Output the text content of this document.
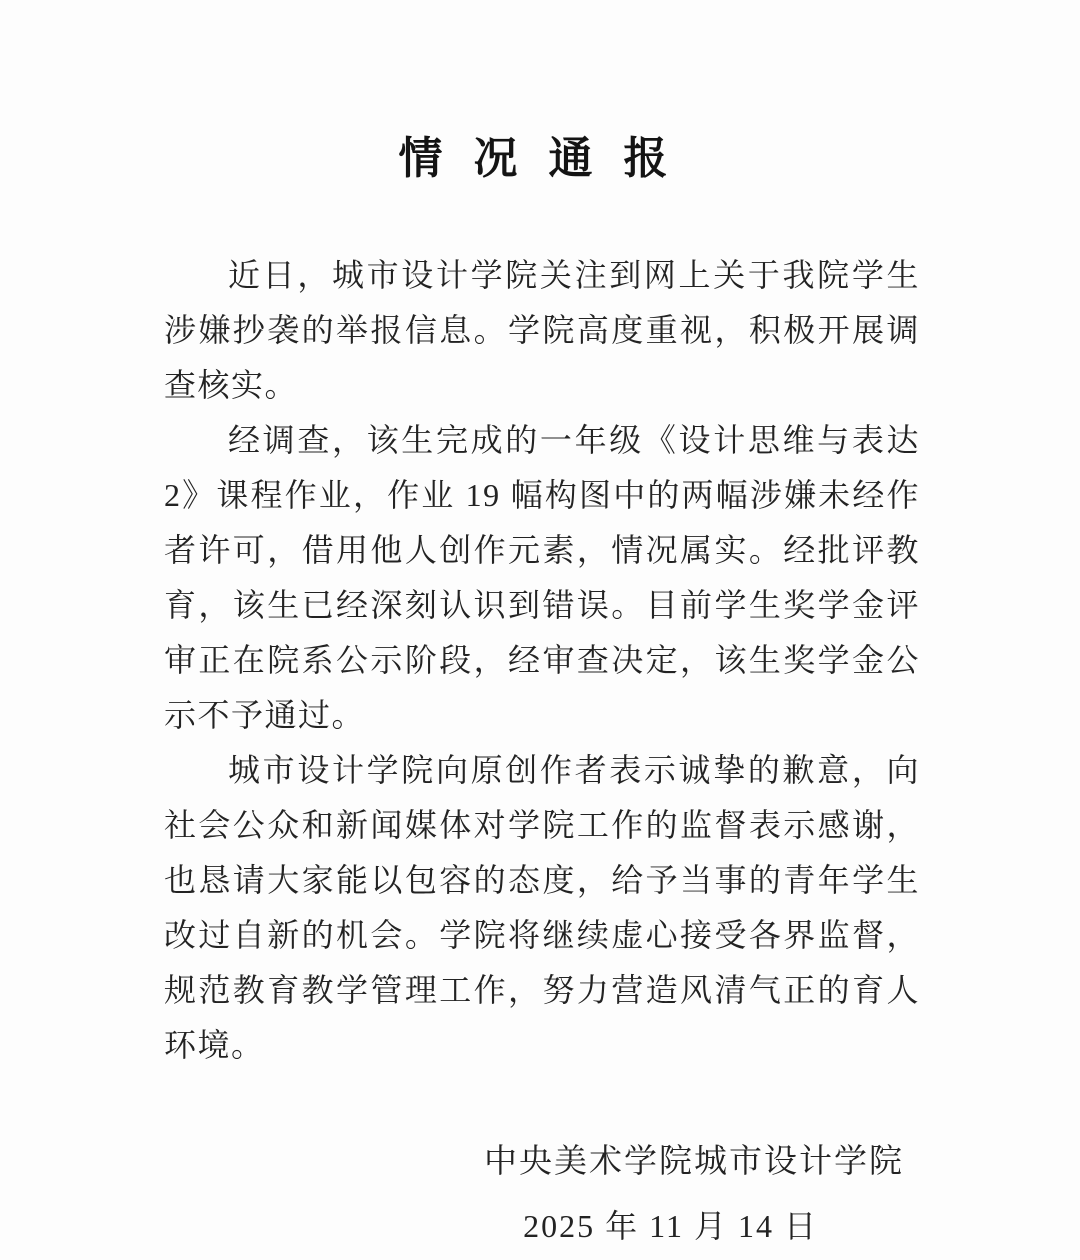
情 况 通 报

近日，城市设计学院关注到网上关于我院学生涉嫌抄袭的举报信息。学院高度重视，积极开展调查核实。

经调查，该生完成的一年级《设计思维与表达 2》课程作业，作业 19 幅构图中的两幅涉嫌未经作者许可，借用他人创作元素，情况属实。经批评教育，该生已经深刻认识到错误。目前学生奖学金评审正在院系公示阶段，经审查决定，该生奖学金公示不予通过。

城市设计学院向原创作者表示诚挚的歉意，向社会公众和新闻媒体对学院工作的监督表示感谢，也恳请大家能以包容的态度，给予当事的青年学生改过自新的机会。学院将继续虚心接受各界监督，规范教育教学管理工作，努力营造风清气正的育人环境。

中央美术学院城市设计学院
2025 年 11 月 14 日
